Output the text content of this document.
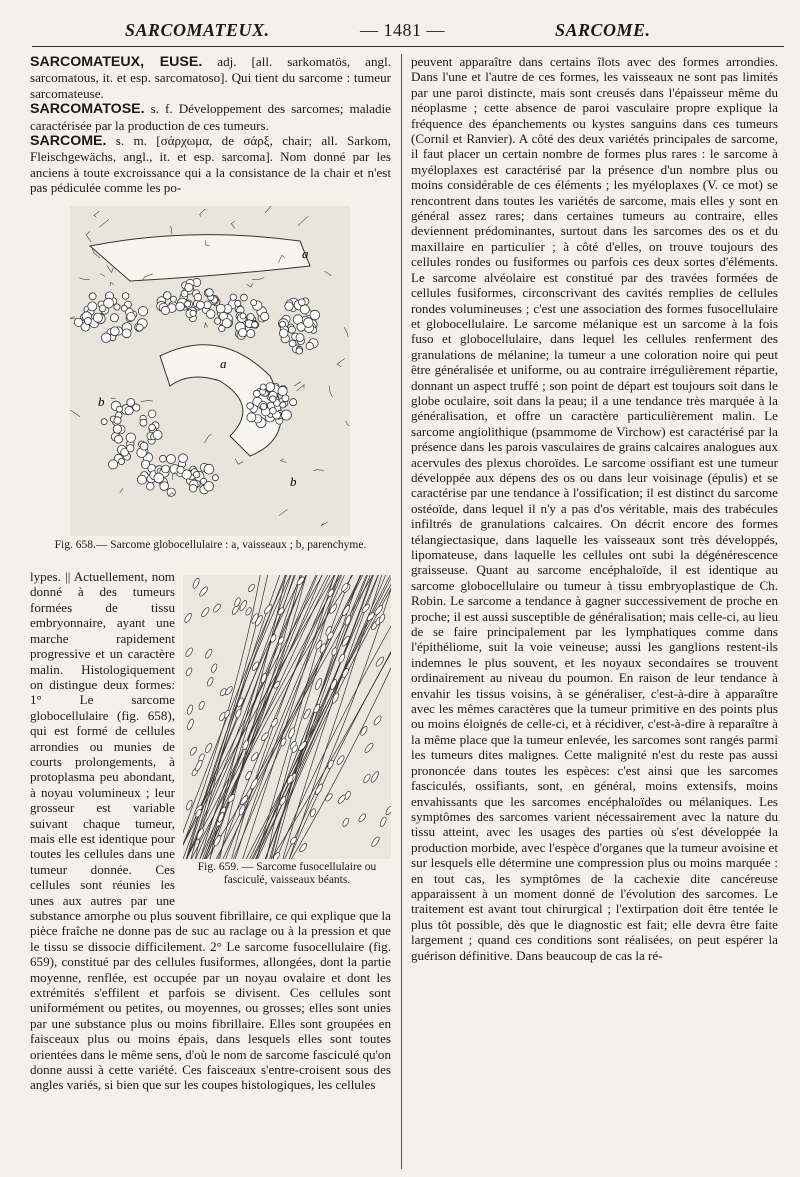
SARCOMATEUX.	— 1481 —	SARCOME.

SARCOMATEUX, EUSE. adj. [all. sarkomatös, angl. sarcomatous, it. et esp. sarcomatoso]. Qui tient du sarcome : tumeur sarcomateuse.

SARCOMATOSE. s. f. Développement des sarcomes; maladie caractérisée par la production de ces tumeurs.

SARCOME. s. m. [σάρχωμα, de σάρξ, chair; all. Sarkom, Fleischgewächs, angl., it. et esp. sarcoma]. Nom donné par les anciens à toute excroissance qui a la consistance de la chair et n'est pas pédiculée comme les po-

a
a
b
b

Fig. 658.— Sarcome globocellulaire : a, vaisseaux ; b, parenchyme.

Fig. 659. — Sarcome fusocellulaire ou fasciculé, vaisseaux béants.

lypes. || Actuellement, nom donné à des tumeurs formées de tissu embryonnaire, ayant une marche rapidement progressive et un caractère malin. Histologiquement on distingue deux formes: 1° Le sarcome globocellulaire (fig. 658), qui est formé de cellules arrondies ou munies de courts prolongements, à protoplasma peu abondant, à noyau volumineux ; leur grosseur est variable suivant chaque tumeur, mais elle est identique pour toutes les cellules dans une tumeur donnée. Ces cellules sont réunies les unes aux autres par une substance amorphe ou plus souvent fibrillaire, ce qui explique que la pièce fraîche ne donne pas de suc au raclage ou à la pression et que le tissu se dissocie difficilement. 2° Le sarcome fusocellulaire (fig. 659), constitué par des cellules fusiformes, allongées, dont la partie moyenne, renflée, est occupée par un noyau ovalaire et dont les extrémités s'effilent et parfois se divisent. Ces cellules sont uniformément ou petites, ou moyennes, ou grosses; elles sont unies par une substance plus ou moins fibrillaire. Elles sont groupées en faisceaux plus ou moins épais, dans lesquels elles sont toutes orientées dans le même sens, d'où le nom de sarcome fasciculé qu'on donne aussi à cette variété. Ces faisceaux s'entre-croisent sous des angles variés, si bien que sur les coupes histologiques, les cellules

peuvent apparaître dans certains îlots avec des formes arrondies. Dans l'une et l'autre de ces formes, les vaisseaux ne sont pas limités par une paroi distincte, mais sont creusés dans l'épaisseur même du néoplasme ; cette absence de paroi vasculaire propre explique la fréquence des épanchements ou kystes sanguins dans ces tumeurs (Cornil et Ranvier). A côté des deux variétés principales de sarcome, il faut placer un certain nombre de formes plus rares : le sarcome à myéloplaxes est caractérisé par la présence d'un nombre plus ou moins considérable de ces éléments ; les myéloplaxes (V. ce mot) se rencontrent dans toutes les variétés de sarcome, mais elles y sont en général assez rares; dans certaines tumeurs au contraire, elles deviennent prédominantes, surtout dans les sarcomes des os et du maxillaire en particulier ; à côté d'elles, on trouve toujours des cellules rondes ou fusiformes ou parfois ces deux sortes d'éléments. Le sarcome alvéolaire est constitué par des travées formées de cellules fusiformes, circonscrivant des cavités remplies de cellules rondes volumineuses ; c'est une association des formes fusocellulaire et globocellulaire. Le sarcome mélanique est un sarcome à la fois fuso et globocellulaire, dans lequel les cellules renferment des granulations de mélanine; la tumeur a une coloration noire qui peut être généralisée et uniforme, ou au contraire irrégulièrement répartie, donnant un aspect truffé ; son point de départ est toujours soit dans le globe oculaire, soit dans la peau; il a une tendance très marquée à la généralisation, et offre un caractère particulièrement malin. Le sarcome angiolithique (psammome de Virchow) est caractérisé par la présence dans les parois vasculaires de grains calcaires analogues aux acervules des plexus choroïdes. Le sarcome ossifiant est une tumeur développée aux dépens des os ou dans leur voisinage (épulis) et se caractérise par une tendance à l'ossification; il est distinct du sarcome ostéoïde, dans lequel il n'y a pas d'os véritable, mais des trabécules infiltrés de granulations calcaires. On décrit encore des formes télangiectasique, dans laquelle les vaisseaux sont très développés, lipomateuse, dans laquelle les cellules ont subi la dégénérescence graisseuse. Quant au sarcome encéphaloïde, il est identique au sarcome globocellulaire ou tumeur à tissu embryoplastique de Ch. Robin. Le sarcome a tendance à gagner successivement de proche en proche; il est aussi susceptible de généralisation; mais celle-ci, au lieu de se faire principalement par les lymphatiques comme dans l'épithéliome, suit la voie veineuse; aussi les ganglions restent-ils indemnes le plus souvent, et les noyaux secondaires se trouvent ordinairement au niveau du poumon. En raison de leur tendance à envahir les tissus voisins, à se généraliser, c'est-à-dire à apparaître avec les mêmes caractères que la tumeur primitive en des points plus ou moins éloignés de celle-ci, et à récidiver, c'est-à-dire à reparaître à la même place que la tumeur enlevée, les sarcomes sont rangés parmi les tumeurs dites malignes. Cette malignité n'est du reste pas aussi prononcée dans toutes les espèces: c'est ainsi que les sarcomes fasciculés, ossifiants, sont, en général, moins extensifs, moins envahissants que les sarcomes encéphaloïdes ou mélaniques. Les symptômes des sarcomes varient nécessairement avec la nature du tissu atteint, avec les usages des parties où s'est développée la production morbide, avec l'espèce d'organes que la tumeur avoisine et sur lesquels elle détermine une compression plus ou moins marquée : en tout cas, les symptômes de la cachexie dite cancéreuse apparaissent à un moment donné de l'évolution des sarcomes. Le traitement est avant tout chirurgical ; l'extirpation doit être tentée le plus tôt possible, dès que le diagnostic est fait; elle devra être faite largement ; quand ces conditions sont réalisées, on peut espérer la guérison définitive. Dans beaucoup de cas la ré-
